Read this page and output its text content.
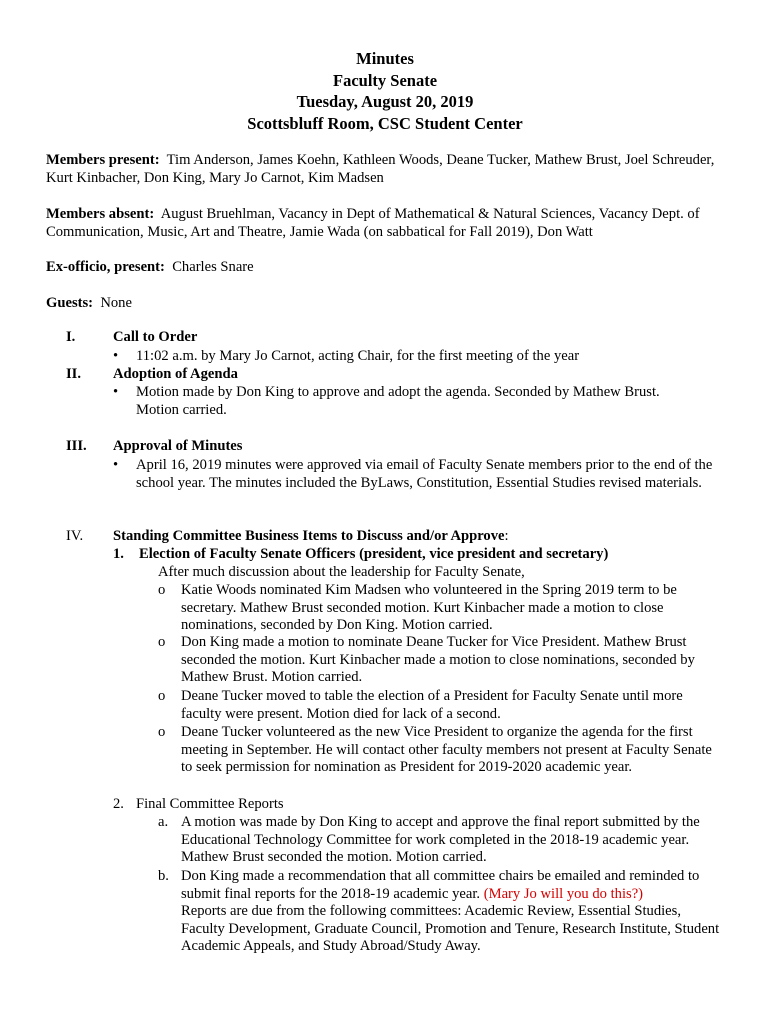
Minutes
Faculty Senate
Tuesday, August 20, 2019
Scottsbluff Room, CSC Student Center
Members present: Tim Anderson, James Koehn, Kathleen Woods, Deane Tucker, Mathew Brust, Joel Schreuder, Kurt Kinbacher, Don King, Mary Jo Carnot, Kim Madsen
Members absent: August Bruehlman, Vacancy in Dept of Mathematical & Natural Sciences, Vacancy Dept. of Communication, Music, Art and Theatre, Jamie Wada (on sabbatical for Fall 2019), Don Watt
Ex-officio, present: Charles Snare
Guests: None
I.	Call to Order
• 11:02 a.m. by Mary Jo Carnot, acting Chair, for the first meeting of the year
II. Adoption of Agenda
• Motion made by Don King to approve and adopt the agenda. Seconded by Mathew Brust. Motion carried.
III. Approval of Minutes
• April 16, 2019 minutes were approved via email of Faculty Senate members prior to the end of the school year. The minutes included the ByLaws, Constitution, Essential Studies revised materials.
IV. Standing Committee Business Items to Discuss and/or Approve:
1. Election of Faculty Senate Officers (president, vice president and secretary)
After much discussion about the leadership for Faculty Senate,
o Katie Woods nominated Kim Madsen who volunteered in the Spring 2019 term to be secretary. Mathew Brust seconded motion. Kurt Kinbacher made a motion to close nominations, seconded by Don King. Motion carried.
o Don King made a motion to nominate Deane Tucker for Vice President. Mathew Brust seconded the motion. Kurt Kinbacher made a motion to close nominations, seconded by Mathew Brust. Motion carried.
o Deane Tucker moved to table the election of a President for Faculty Senate until more faculty were present. Motion died for lack of a second.
o Deane Tucker volunteered as the new Vice President to organize the agenda for the first meeting in September. He will contact other faculty members not present at Faculty Senate to seek permission for nomination as President for 2019-2020 academic year.
2. Final Committee Reports
a. A motion was made by Don King to accept and approve the final report submitted by the Educational Technology Committee for work completed in the 2018-19 academic year. Mathew Brust seconded the motion. Motion carried.
b. Don King made a recommendation that all committee chairs be emailed and reminded to submit final reports for the 2018-19 academic year. (Mary Jo will you do this?)
Reports are due from the following committees: Academic Review, Essential Studies, Faculty Development, Graduate Council, Promotion and Tenure, Research Institute, Student Academic Appeals, and Study Abroad/Study Away.
